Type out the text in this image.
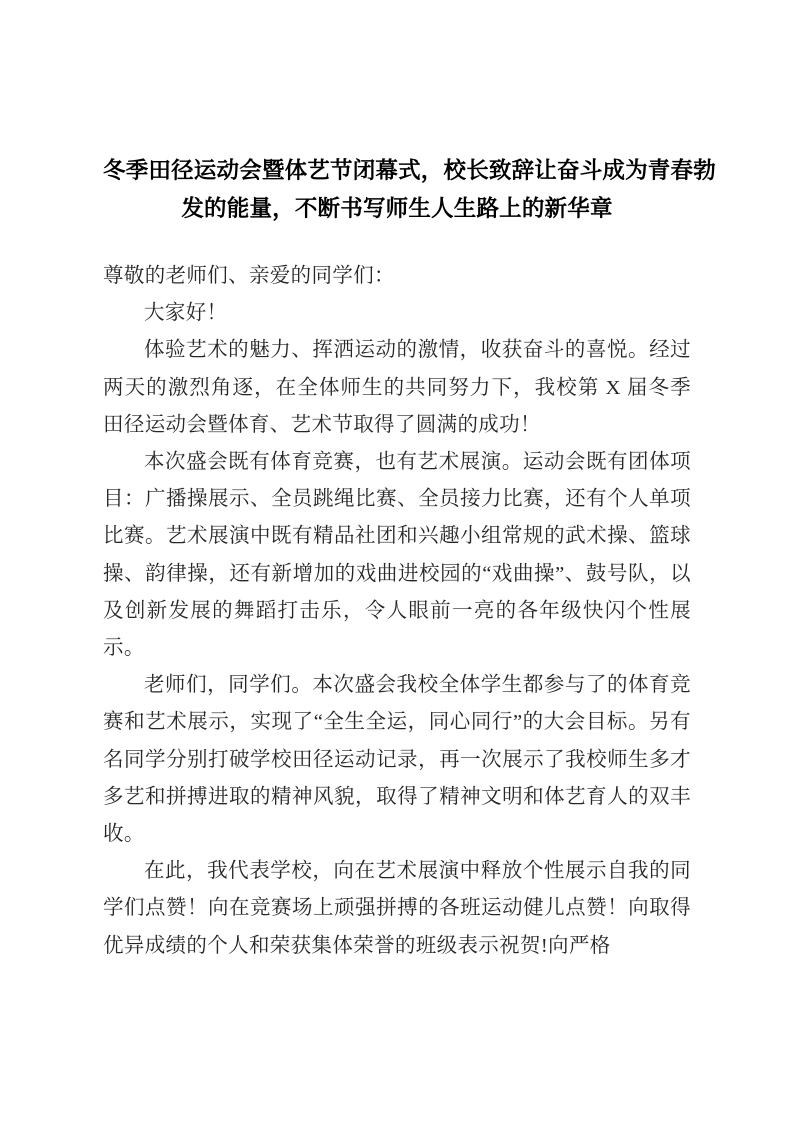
冬季田径运动会暨体艺节闭幕式，校长致辞让奋斗成为青春勃
发的能量，不断书写师生人生路上的新华章

尊敬的老师们、亲爱的同学们：

大家好！

体验艺术的魅力、挥洒运动的激情，收获奋斗的喜悦。经过两天的激烈角逐，在全体师生的共同努力下，我校第 X 届冬季田径运动会暨体育、艺术节取得了圆满的成功！

本次盛会既有体育竞赛，也有艺术展演。运动会既有团体项目：广播操展示、全员跳绳比赛、全员接力比赛，还有个人单项比赛。艺术展演中既有精品社团和兴趣小组常规的武术操、篮球操、韵律操，还有新增加的戏曲进校园的“戏曲操”、鼓号队，以及创新发展的舞蹈打击乐，令人眼前一亮的各年级快闪个性展示。

老师们，同学们。本次盛会我校全体学生都参与了的体育竞赛和艺术展示，实现了“全生全运，同心同行”的大会目标。另有名同学分别打破学校田径运动记录，再一次展示了我校师生多才多艺和拼搏进取的精神风貌，取得了精神文明和体艺育人的双丰收。

在此，我代表学校，向在艺术展演中释放个性展示自我的同学们点赞！向在竞赛场上顽强拼搏的各班运动健儿点赞！向取得优异成绩的个人和荣获集体荣誉的班级表示祝贺!向严格
